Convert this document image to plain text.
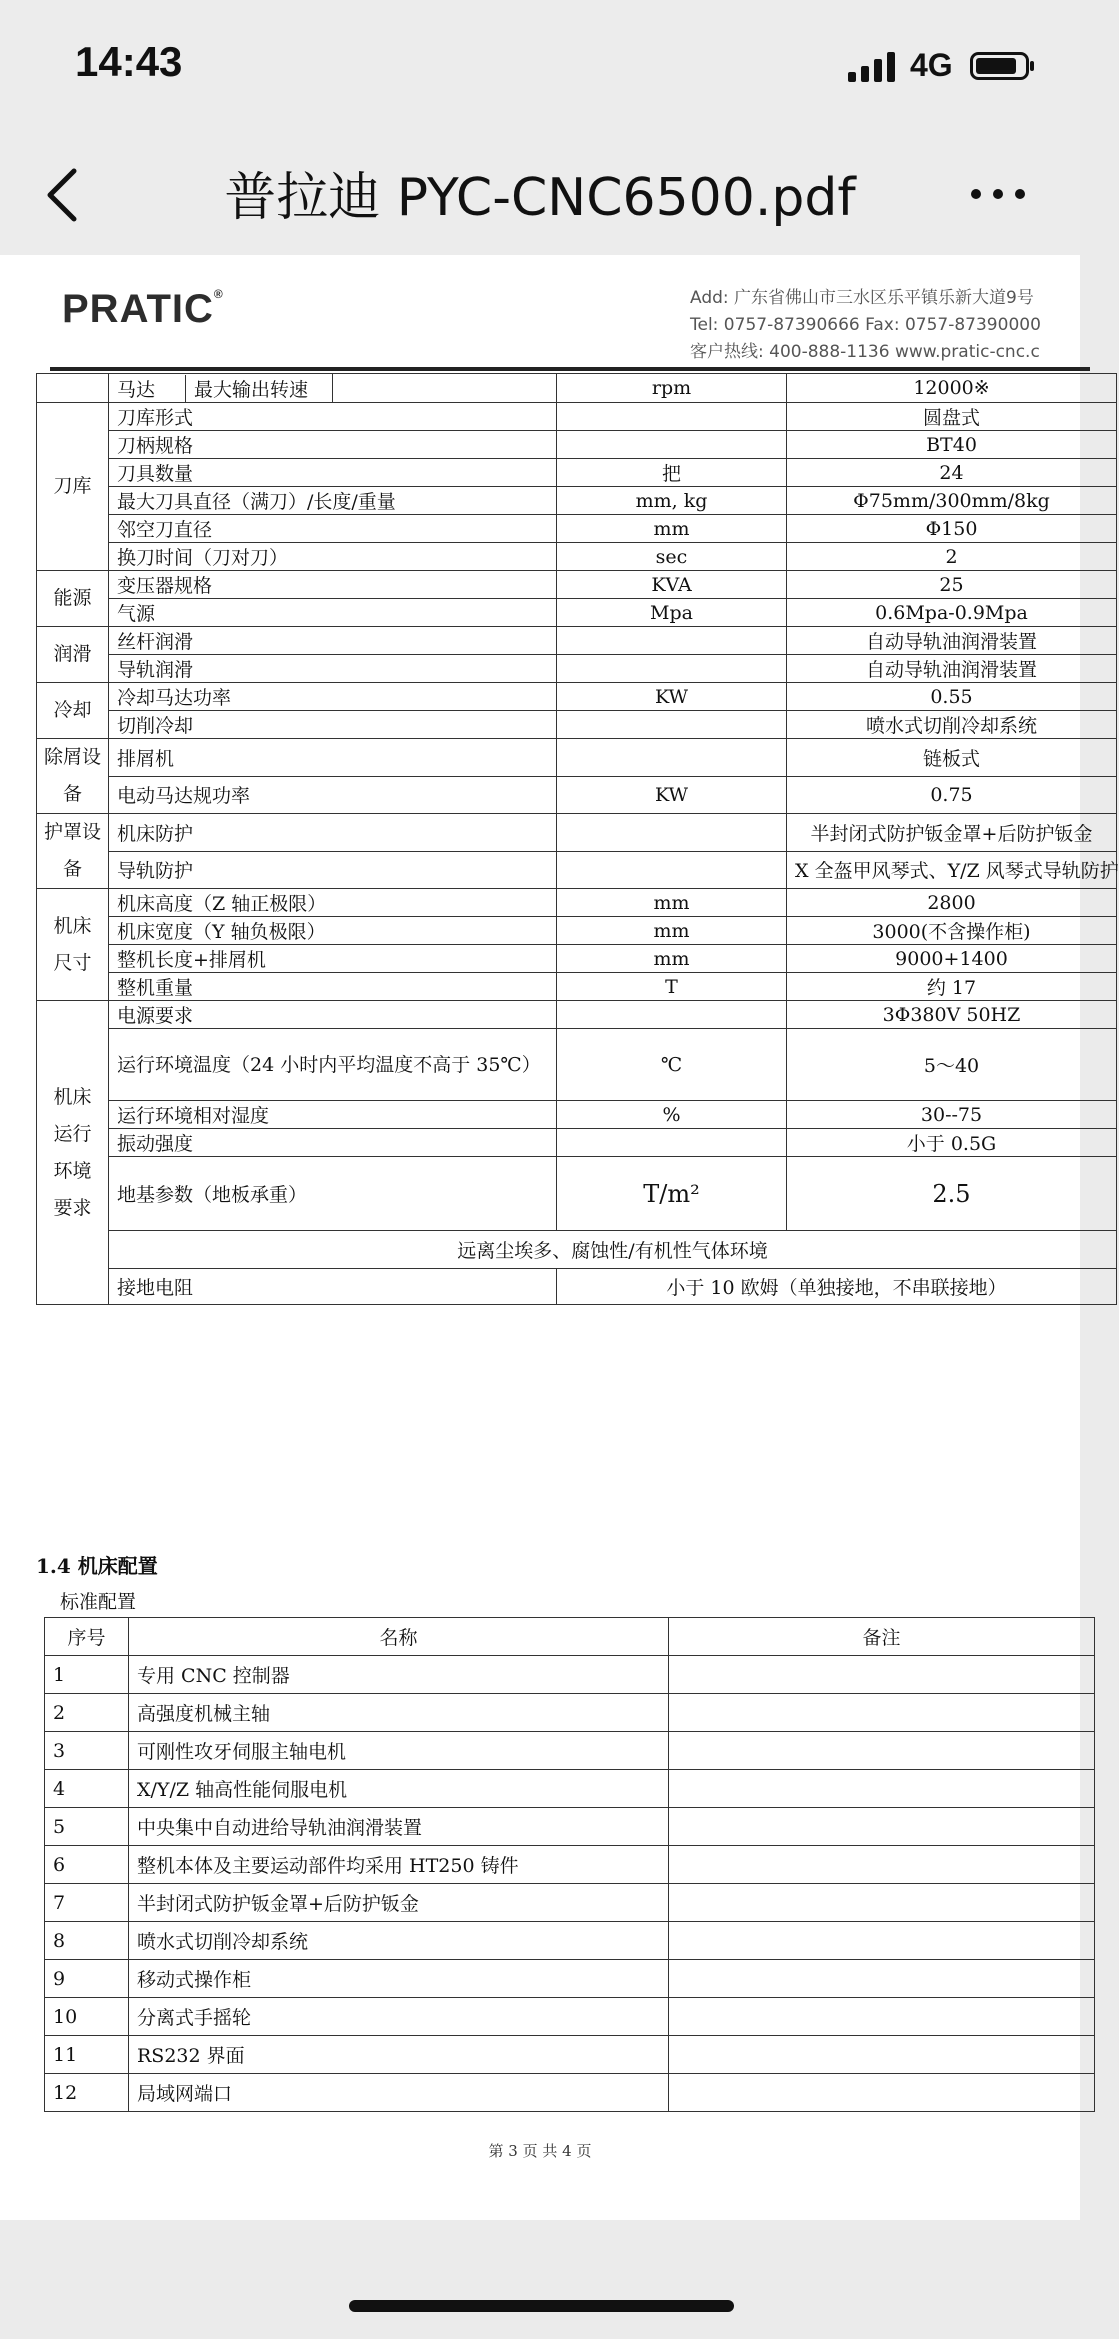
14:43	4G
普拉迪 PYC-CNC6500.pdf
PRATIC®	Add: 广东省佛山市三水区乐平镇乐新大道9号
Tel: 0757-87390666 Fax: 0757-87390000
客户热线: 400-888-1136 www.pratic-cnc.c
	马达 最大输出转速		rpm	12000※
刀库	刀库形式			圆盘式
	刀柄规格			BT40
	刀具数量		把	24
	最大刀具直径（满刀）/长度/重量		mm, kg	Φ75mm/300mm/8kg
	邻空刀直径		mm	Φ150
	换刀时间（刀对刀）		sec	2
能源	变压器规格		KVA	25
	气源		Mpa	0.6Mpa-0.9Mpa
润滑	丝杆润滑			自动导轨油润滑装置
	导轨润滑			自动导轨油润滑装置
冷却	冷却马达功率		KW	0.55
	切削冷却			喷水式切削冷却系统
除屑设备	排屑机			链板式
	电动马达规功率		KW	0.75
护罩设备	机床防护			半封闭式防护钣金罩+后防护钣金
	导轨防护			X 全盔甲风琴式、Y/Z 风琴式导轨防护
机床尺寸	机床高度（Z 轴正极限）		mm	2800
	机床宽度（Y 轴负极限）		mm	3000(不含操作柜)
	整机长度+排屑机		mm	9000+1400
	整机重量		T	约 17
机床运行环境要求	电源要求			3Φ380V 50HZ
	运行环境温度（24 小时内平均温度不高于 35℃）		℃	5～40
	运行环境相对湿度		%	30--75
	振动强度			小于 0.5G
	地基参数（地板承重）		T/m²	2.5
	远离尘埃多、腐蚀性/有机性气体环境			
	接地电阻		小于 10 欧姆（单独接地，不串联接地）	
1.4 机床配置
标准配置
序号	名称	备注
1	专用 CNC 控制器	
2	高强度机械主轴	
3	可刚性攻牙伺服主轴电机	
4	X/Y/Z 轴高性能伺服电机	
5	中央集中自动进给导轨油润滑装置	
6	整机本体及主要运动部件均采用 HT250 铸件	
7	半封闭式防护钣金罩+后防护钣金	
8	喷水式切削冷却系统	
9	移动式操作柜	
10	分离式手摇轮	
11	RS232 界面	
12	局域网端口	
第 3 页 共 4 页
